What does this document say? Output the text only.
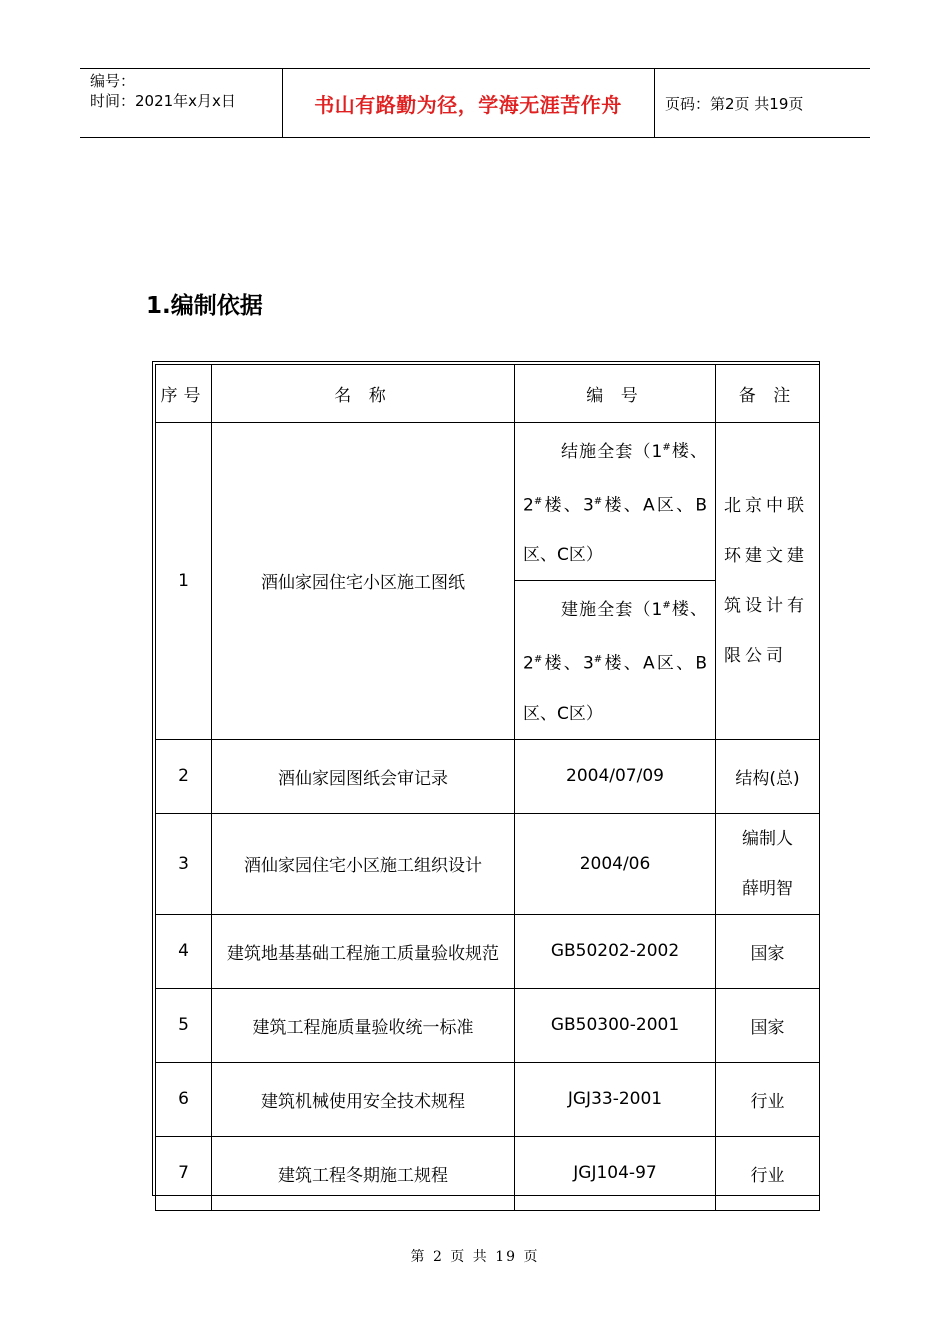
编号：
时间：2021年x月x日	书山有路勤为径，学海无涯苦作舟	页码：第2页 共19页
1.编制依据
序号	名 称	编 号	备 注
1	酒仙家园住宅小区施工图纸	结施全套（1#楼、2#楼、3#楼、A区、B区、C区）	北京中联环建文建筑设计有限公司
		建施全套（1#楼、2#楼、3#楼、A区、B区、C区）	
2	酒仙家园图纸会审记录	2004/07/09	结构(总)
3	酒仙家园住宅小区施工组织设计	2004/06	编制人
薛明智

4	建筑地基基础工程施工质量验收规范	GB50202-2002	国家
5	建筑工程施质量验收统一标准	GB50300-2001	国家
6	建筑机械使用安全技术规程	JGJ33-2001	行业
7	建筑工程冬期施工规程	JGJ104-97	行业
第 2 页 共 19 页
